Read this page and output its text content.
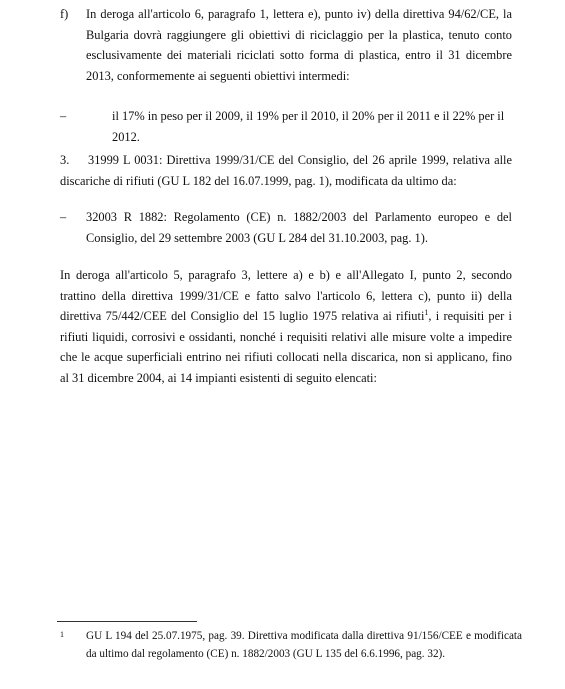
f) In deroga all'articolo 6, paragrafo 1, lettera e), punto iv) della direttiva 94/62/CE, la Bulgaria dovrà raggiungere gli obiettivi di riciclaggio per la plastica, tenuto conto esclusivamente dei materiali riciclati sotto forma di plastica, entro il 31 dicembre 2013, conformemente ai seguenti obiettivi intermedi:

–	il 17% in peso per il 2009, il 19% per il 2010, il 20% per il 2011 e il 22% per il 2012.

3.	31999 L 0031: Direttiva 1999/31/CE del Consiglio, del 26 aprile 1999, relativa alle discariche di rifiuti (GU L 182 del 16.07.1999, pag. 1), modificata da ultimo da:

– 32003 R 1882: Regolamento (CE) n. 1882/2003 del Parlamento europeo e del Consiglio, del 29 settembre 2003 (GU L 284 del 31.10.2003, pag. 1).

In deroga all'articolo 5, paragrafo 3, lettere a) e b) e all'Allegato I, punto 2, secondo trattino della direttiva 1999/31/CE e fatto salvo l'articolo 6, lettera c), punto ii) della direttiva 75/442/CEE del Consiglio del 15 luglio 1975 relativa ai rifiuti$^1$, i requisiti per i rifiuti liquidi, corrosivi e ossidanti, nonché i requisiti relativi alle misure volte a impedire che le acque superficiali entrino nei rifiuti collocati nella discarica, non si applicano, fino al 31 dicembre 2004, ai 14 impianti esistenti di seguito elencati:

1 GU L 194 del 25.07.1975, pag. 39. Direttiva modificata dalla direttiva 91/156/CEE e modificata da ultimo dal regolamento (CE) n. 1882/2003 (GU L 135 del 6.6.1996, pag. 32).
